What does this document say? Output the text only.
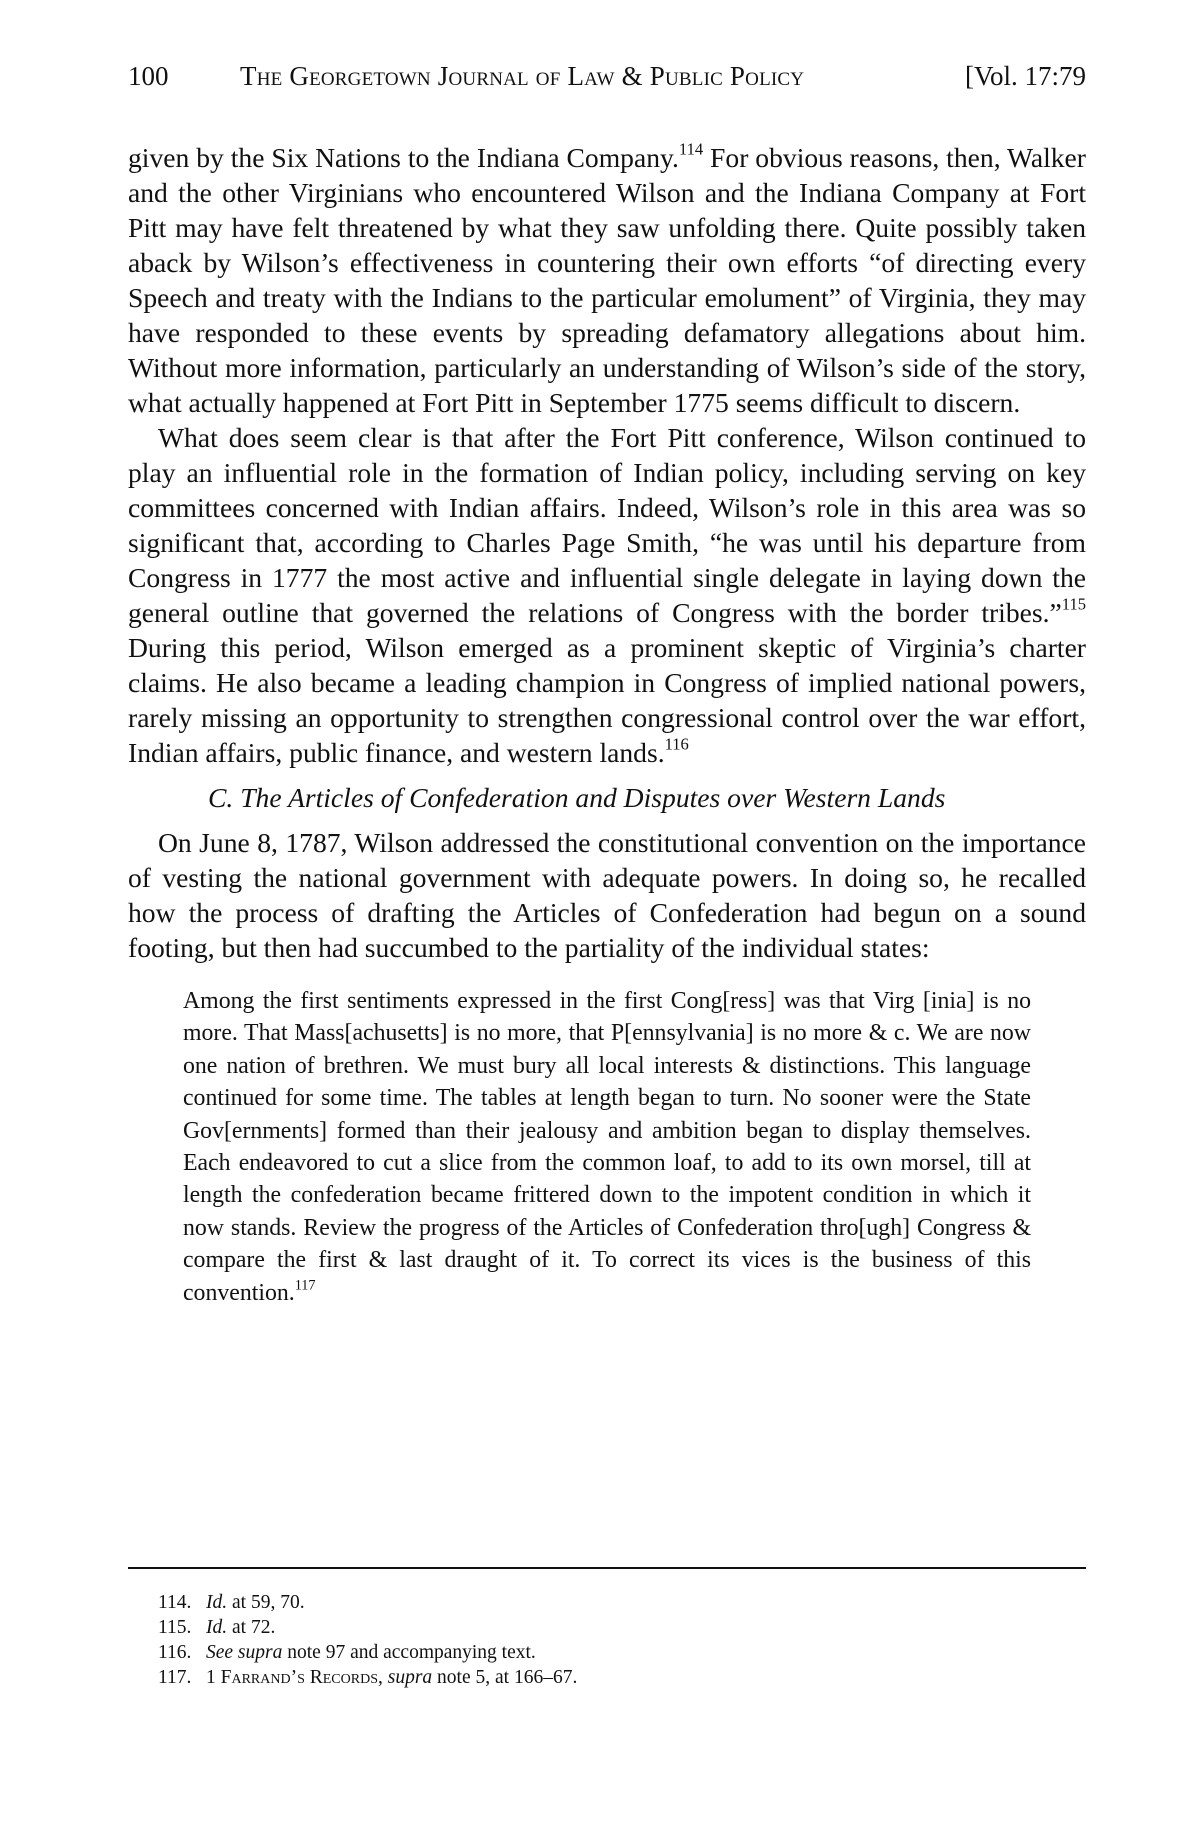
100	The Georgetown Journal of Law & Public Policy	[Vol. 17:79

given by the Six Nations to the Indiana Company.$^{114}$ For obvious reasons, then, Walker and the other Virginians who encountered Wilson and the Indiana Company at Fort Pitt may have felt threatened by what they saw unfolding there. Quite possibly taken aback by Wilson’s effectiveness in countering their own efforts “of directing every Speech and treaty with the Indians to the particular emolument” of Virginia, they may have responded to these events by spreading defamatory allegations about him. Without more information, particularly an understanding of Wilson’s side of the story, what actually happened at Fort Pitt in September 1775 seems difficult to discern.

What does seem clear is that after the Fort Pitt conference, Wilson continued to play an influential role in the formation of Indian policy, including serving on key committees concerned with Indian affairs. Indeed, Wilson’s role in this area was so significant that, according to Charles Page Smith, “he was until his departure from Congress in 1777 the most active and influential single delegate in laying down the general outline that governed the relations of Congress with the border tribes.”$^{115}$ During this period, Wilson emerged as a prominent skeptic of Virginia’s charter claims. He also became a leading champion in Congress of implied national powers, rarely missing an opportunity to strengthen congressional control over the war effort, Indian affairs, public finance, and western lands.$^{116}$

C. The Articles of Confederation and Disputes over Western Lands

On June 8, 1787, Wilson addressed the constitutional convention on the importance of vesting the national government with adequate powers. In doing so, he recalled how the process of drafting the Articles of Confederation had begun on a sound footing, but then had succumbed to the partiality of the individual states:

Among the first sentiments expressed in the first Cong[ress] was that Virg [inia] is no more. That Mass[achusetts] is no more, that P[ennsylvania] is no more & c. We are now one nation of brethren. We must bury all local interests & distinctions. This language continued for some time. The tables at length began to turn. No sooner were the State Gov[ernments] formed than their jealousy and ambition began to display themselves. Each endeavored to cut a slice from the common loaf, to add to its own morsel, till at length the confederation became frittered down to the impotent condition in which it now stands. Review the progress of the Articles of Confederation thro[ugh] Congress & compare the first & last draught of it. To correct its vices is the business of this convention.$^{117}$
114. Id. at 59, 70.
115. Id. at 72.
116. See supra note 97 and accompanying text.
117. 1 Farrand’s Records, supra note 5, at 166–67.
